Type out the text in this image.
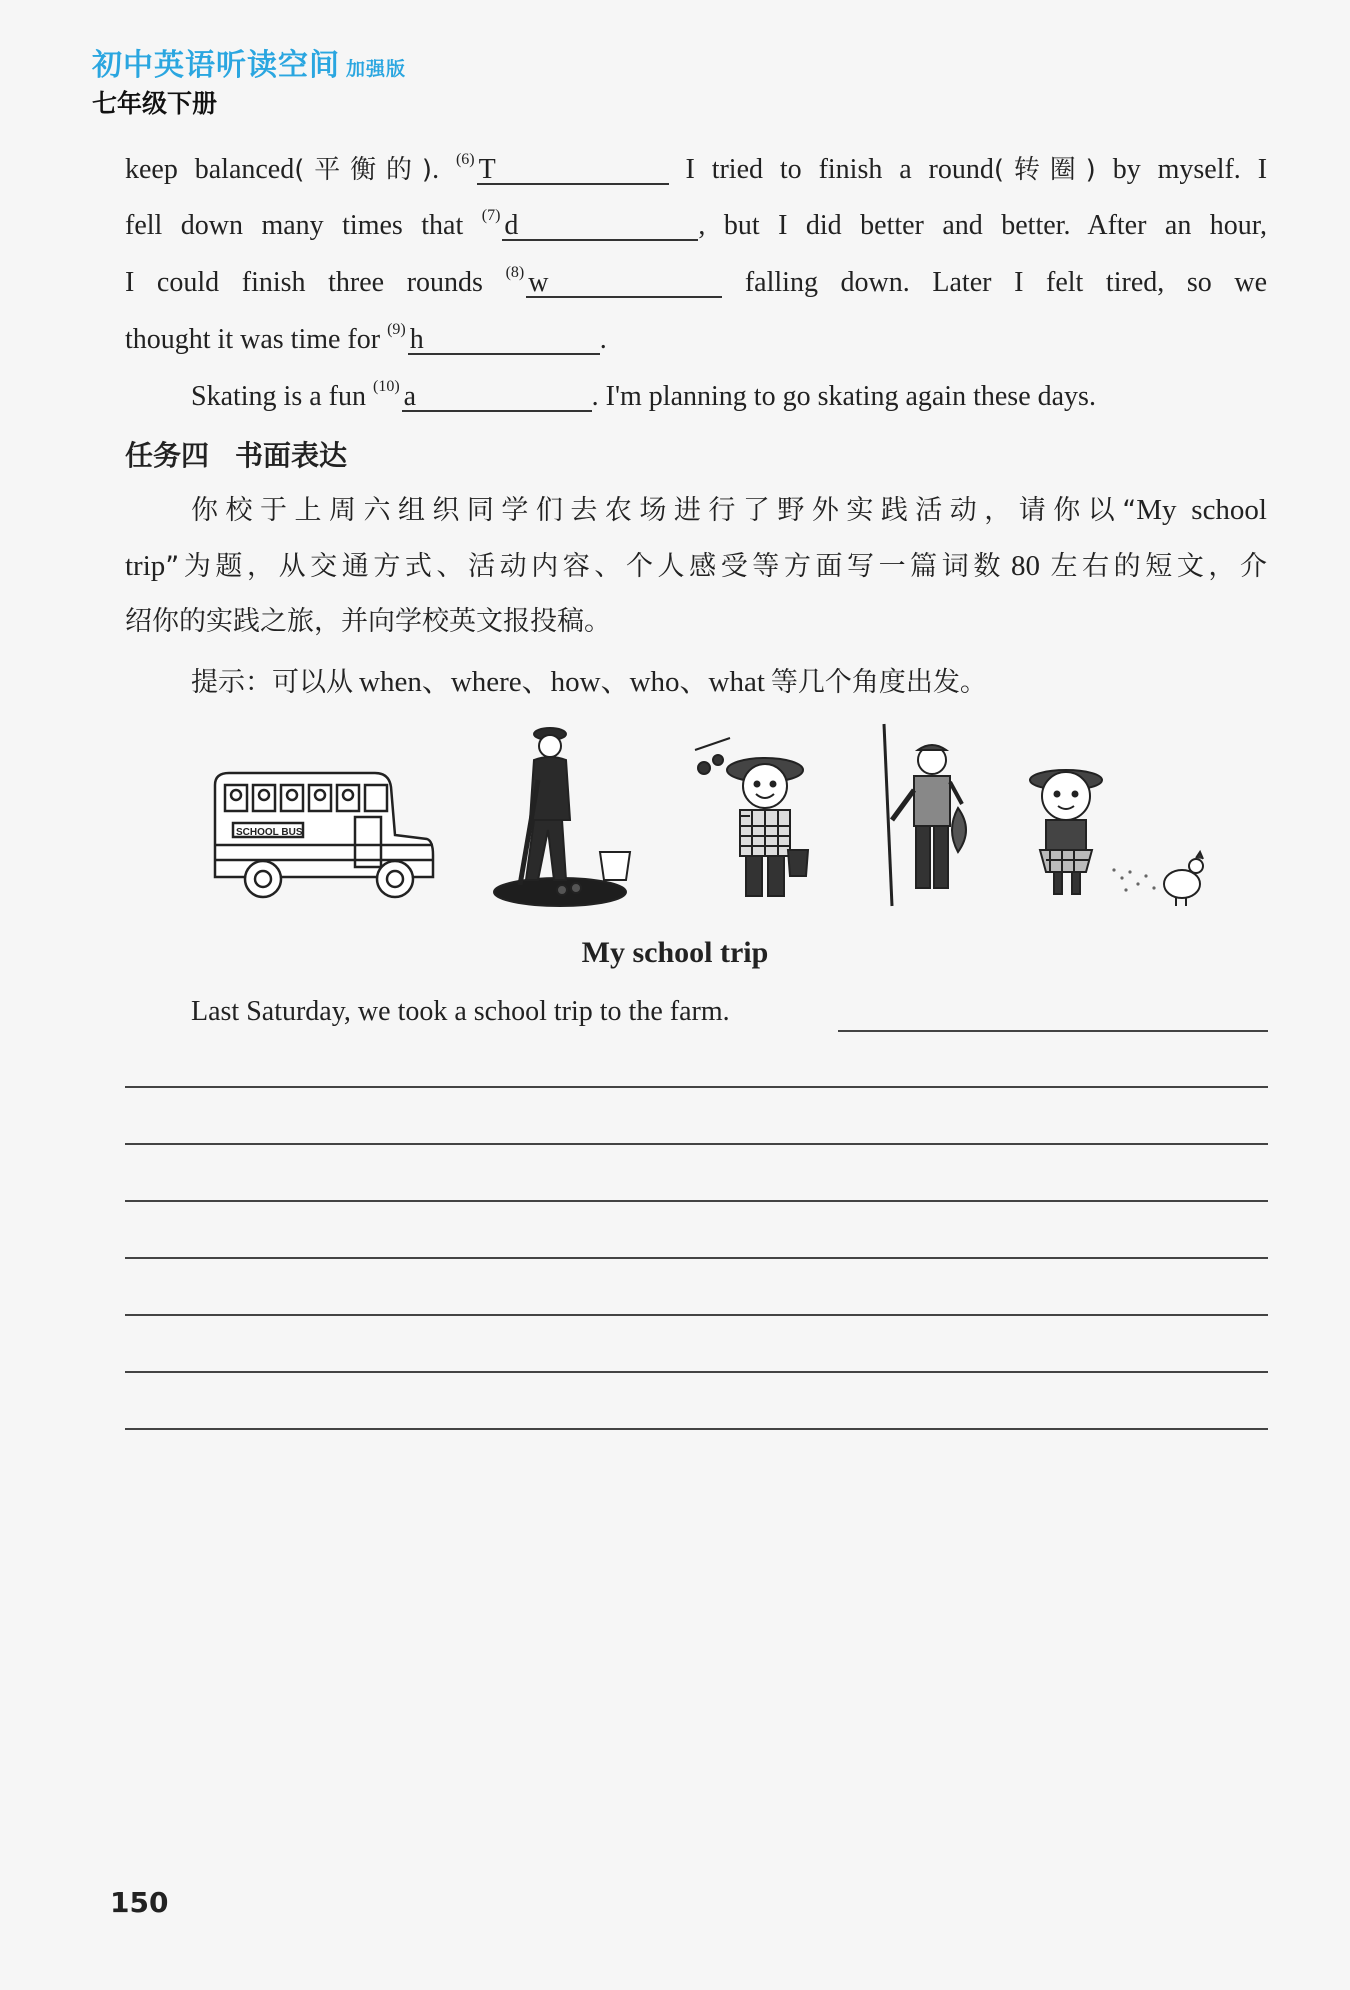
初中英语听读空间 加强版
七年级下册
keep balanced(平衡的). $^{(6)}$ T	I tried to finish a round(转圈) by myself. I
fell down many times that $^{(7)}$ d	, but I did better and better. After an hour,
I could finish three rounds $^{(8)}$ w	falling down. Later I felt tired, so we
thought it was time for $^{(9)}$ h	.
Skating is a fun $^{(10)}$ a	. I'm planning to go skating again these days.
任务四 书面表达
你校于上周六组织同学们去农场进行了野外实践活动，请你以“My school
trip”为题，从交通方式、活动内容、个人感受等方面写一篇词数 80 左右的短文，介
绍你的实践之旅，并向学校英文报投稿。
提示：可以从 when、where、how、who、what 等几个角度出发。
SCHOOL BUS
My school trip
Last Saturday, we took a school trip to the farm.
150
